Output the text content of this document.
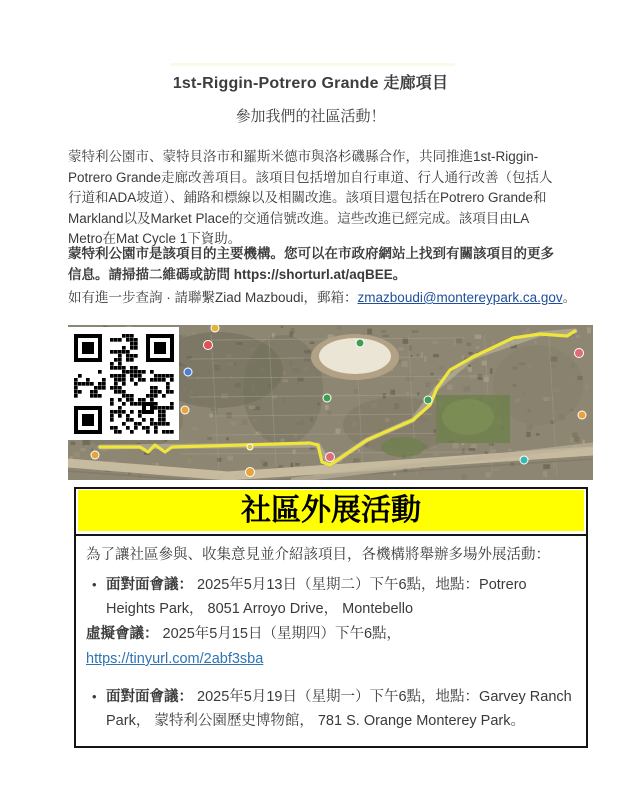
1st-Riggin-Potrero Grande 走廊項目
參加我們的社區活動！
蒙特利公園市、蒙特貝洛市和羅斯米德市與洛杉磯縣合作，共同推進1st-Riggin-Potrero Grande走廊改善項目。該項目包括增加自行車道、行人通行改善（包括人行道和ADA坡道）、鋪路和標線以及相關改進。該項目還包括在Potrero Grande和Markland以及Market Place的交通信號改進。這些改進已經完成。該項目由LA Metro在Mat Cycle 1下資助。
蒙特利公園市是該項目的主要機構。您可以在市政府網站上找到有關該項目的更多信息。請掃描二維碼或訪問 https://shorturl.at/aqBEE。
如有進一步查詢 · 請聯繫Ziad Mazboudi，郵箱：zmazboudi@montereypark.ca.gov。
社區外展活動
為了讓社區參與、收集意見並介紹該項目，各機構將舉辦多場外展活動：
• 面對面會議： 2025年5月13日（星期二）下午6點，地點：Potrero Heights Park， 8051 Arroyo Drive， Montebello
虛擬會議： 2025年5月15日（星期四）下午6點，
https://tinyurl.com/2abf3sba
• 面對面會議： 2025年5月19日（星期一）下午6點，地點：Garvey Ranch Park， 蒙特利公園歷史博物館， 781 S. Orange Monterey Park。
